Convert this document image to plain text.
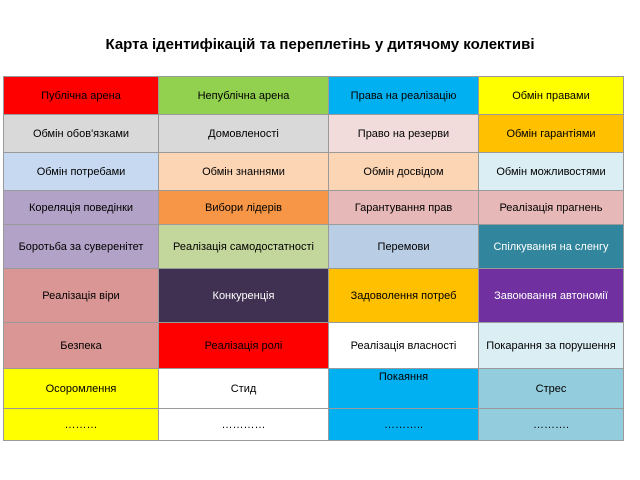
Карта ідентифікацій та переплетінь у дитячому колективі
Публічна арена	Непублічна арена	Права на реалізацію	Обмін правами
Обмін обов'язками	Домовленості	Право на резерви	Обмін гарантіями
Обмін потребами	Обмін знаннями	Обмін досвідом	Обмін можливостями
Кореляція поведінки	Вибори лідерів	Гарантування прав	Реалізація прагнень
Боротьба за суверенітет	Реалізація самодостатності	Перемови	Спілкування на сленгу
Реалізація віри	Конкуренція	Задоволення потреб	Завоювання автономії
Безпека	Реалізація ролі	Реалізація власності	Покарання за порушення
Осоромлення	Стид	Покаяння	Стрес
………	…………	………..	……….
